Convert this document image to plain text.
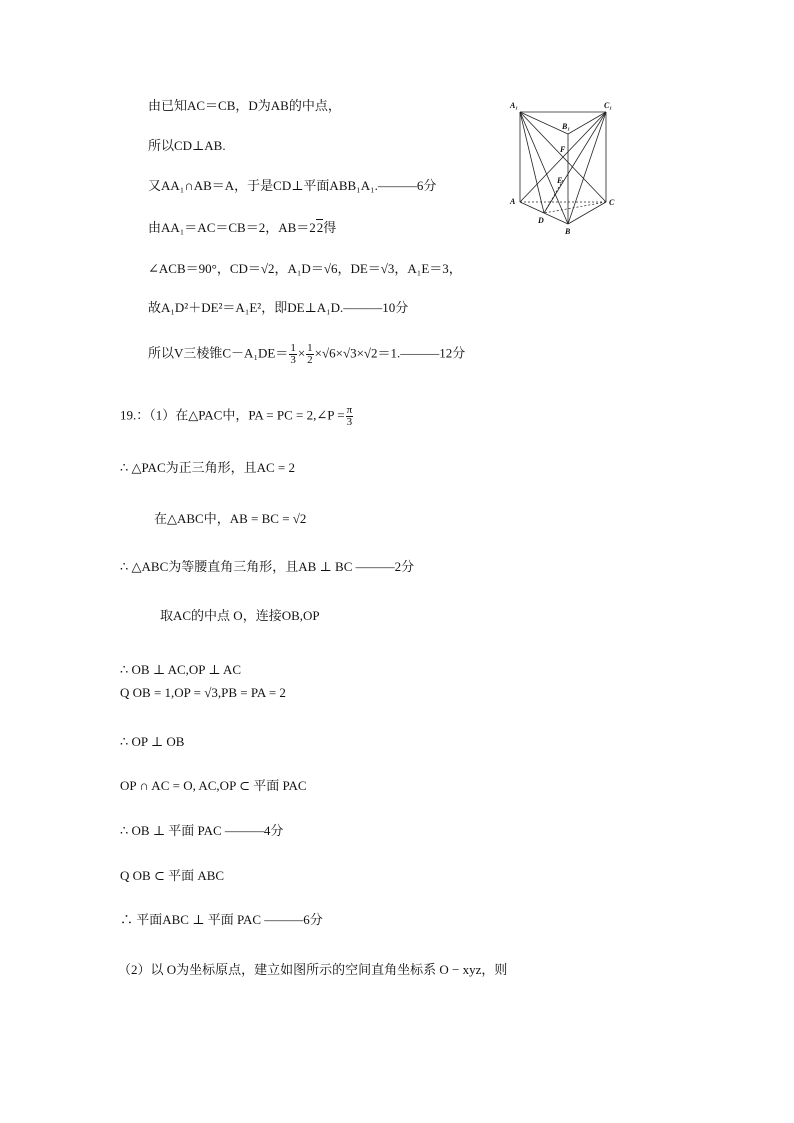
由已知AC＝CB，D为AB的中点，
所以CD⊥AB.
又AA₁∩AB＝A，于是CD⊥平面ABB₁A₁.———6分
由AA₁＝AC＝CB＝2，AB＝22得
∠ACB＝90°，CD＝√2，A₁D＝√6，DE＝√3，A₁E＝3，
故A₁D²＋DE²＝A₁E²，即DE⊥A₁D.———10分
所以V三棱锥$C-A_1DE= \frac{1}{3} \times \frac{1}{2}$ ×√6×√3×√2＝1.———12分
19.：（1）在△PAC中，PA = PC = 2,∠P = $\frac{\pi}{3}$
∴ △PAC为正三角形，且AC = 2
在△ABC中，AB = BC = √2
∴ △ABC为等腰直角三角形，且AB ⊥ BC ———2分
取AC的中点 O，连接OB,OP
∴ OB ⊥ AC,OP ⊥ AC
Q OB = 1,OP = √3,PB = PA = 2
∴ OP ⊥ OB
OP ∩ AC = O, AC,OP ⊂ 平面 PAC
∴ OB ⊥ 平面 PAC ———4分
Q OB ⊂ 平面 ABC
∴ 平面ABC ⊥ 平面 PAC ———6分
（2）以 O为坐标原点，建立如图所示的空间直角坐标系 O − xyz，则
A₁	C₁
B₁
F
E
A	C
D
B
